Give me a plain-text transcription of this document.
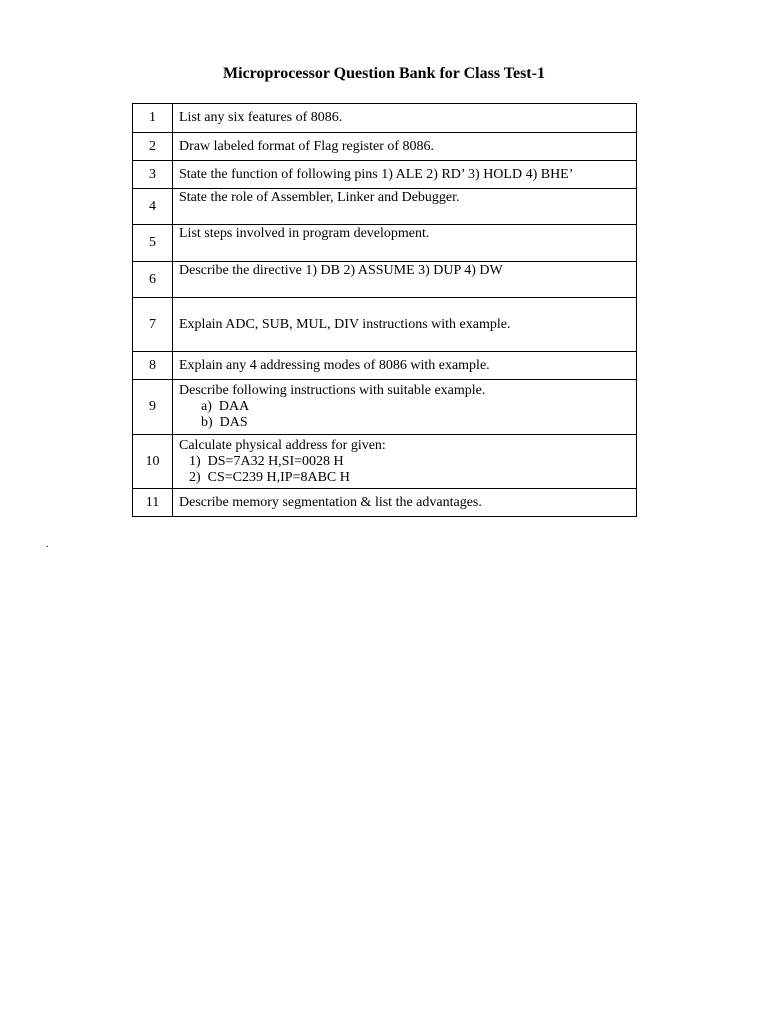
Microprocessor Question Bank for Class Test-1
1	List any six features of 8086.
2	Draw labeled format of Flag register of 8086.
3	State the function of following pins 1) ALE 2) RD’ 3) HOLD 4) BHE’
4	State the role of Assembler, Linker and Debugger.
5	List steps involved in program development.
6	Describe the directive 1) DB 2) ASSUME 3) DUP 4) DW
7	Explain ADC, SUB, MUL, DIV instructions with example.
8	Explain any 4 addressing modes of 8086 with example.
9	Describe following instructions with suitable example.
a)  DAA
b)  DAS

10	Calculate physical address for given:
1)  DS=7A32 H,SI=0028 H
2)  CS=C239 H,IP=8ABC H

11	Describe memory segmentation & list the advantages.
.
